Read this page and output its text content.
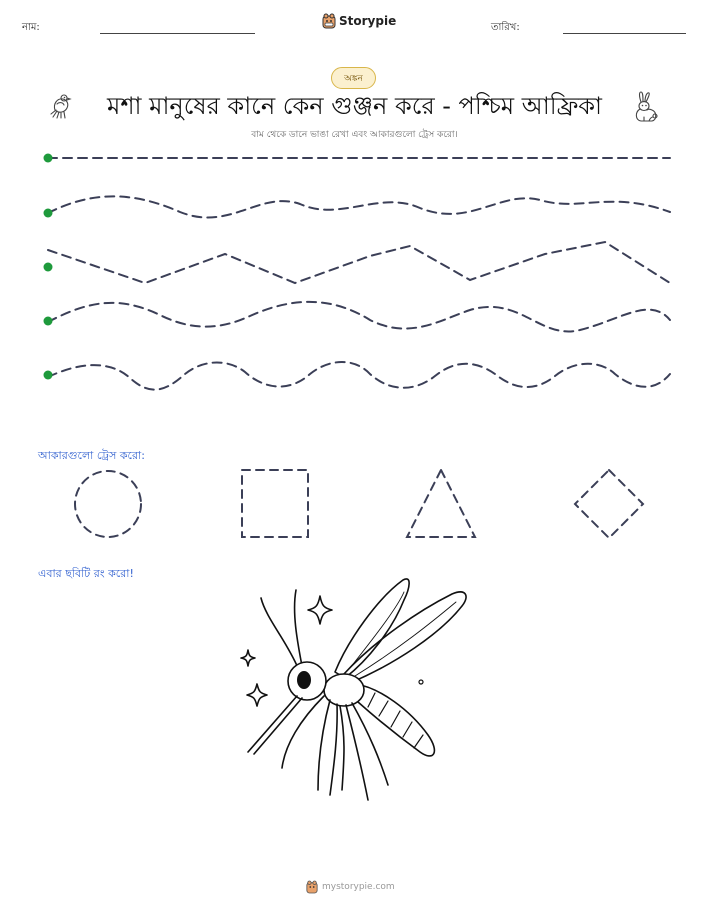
নাম:	Storypie	তারিখ:
অঙ্কন
মশা মানুষের কানে কেন গুঞ্জন করে - পশ্চিম আফ্রিকা
বাম থেকে ডানে ভাঙা রেখা এবং আকারগুলো ট্রেস করো।
আকারগুলো ট্রেস করো:
এবার ছবিটি রং করো!
mystorypie.com
